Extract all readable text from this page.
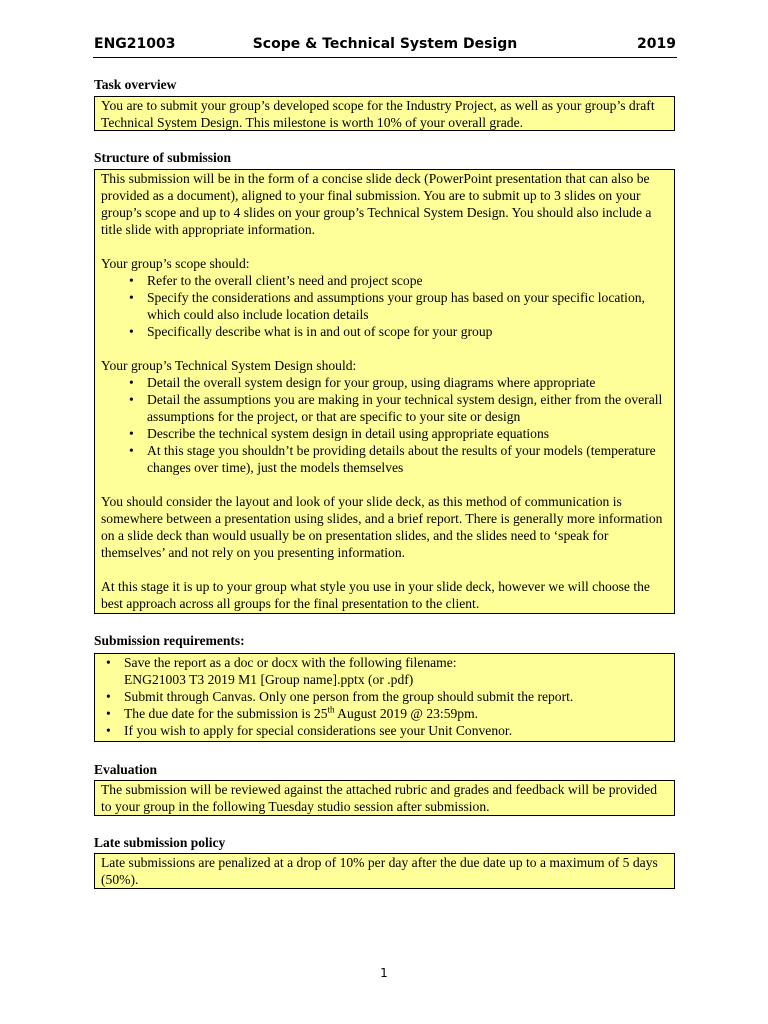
ENG21003	Scope & Technical System Design	2019
Task overview

You are to submit your group’s developed scope for the Industry Project, as well as your group’s draft Technical System Design. This milestone is worth 10% of your overall grade.

Structure of submission

This submission will be in the form of a concise slide deck (PowerPoint presentation that can also be provided as a document), aligned to your final submission. You are to submit up to 3 slides on your group’s scope and up to 4 slides on your group’s Technical System Design. You should also include a title slide with appropriate information.

Your group’s scope should:

• Refer to the overall client’s need and project scope
• Specify the considerations and assumptions your group has based on your specific location, which could also include location details
• Specifically describe what is in and out of scope for your group

Your group’s Technical System Design should:

• Detail the overall system design for your group, using diagrams where appropriate
• Detail the assumptions you are making in your technical system design, either from the overall assumptions for the project, or that are specific to your site or design
• Describe the technical system design in detail using appropriate equations
• At this stage you shouldn’t be providing details about the results of your models (temperature changes over time), just the models themselves

You should consider the layout and look of your slide deck, as this method of communication is somewhere between a presentation using slides, and a brief report. There is generally more information on a slide deck than would usually be on presentation slides, and the slides need to ‘speak for themselves’ and not rely on you presenting information.

At this stage it is up to your group what style you use in your slide deck, however we will choose the best approach across all groups for the final presentation to the client.

Submission requirements:
• Save the report as a doc or docx with the following filename:
ENG21003 T3 2019 M1 [Group name].pptx (or .pdf)
• Submit through Canvas. Only one person from the group should submit the report.
• The due date for the submission is 25th August 2019 @ 23:59pm.
• If you wish to apply for special considerations see your Unit Convenor.
Evaluation

The submission will be reviewed against the attached rubric and grades and feedback will be provided to your group in the following Tuesday studio session after submission.

Late submission policy

Late submissions are penalized at a drop of 10% per day after the due date up to a maximum of 5 days (50%).

1
